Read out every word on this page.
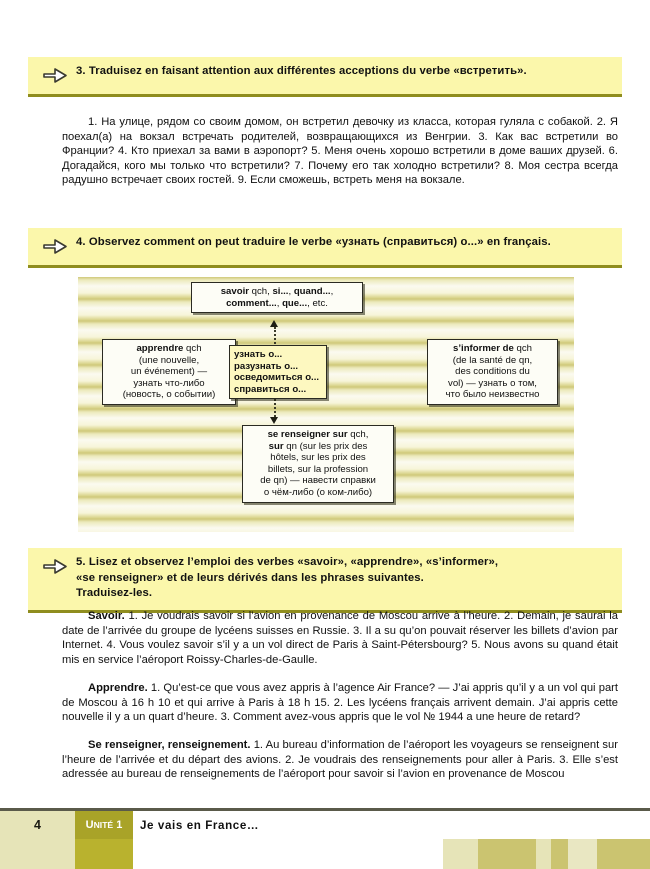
3. Traduisez en faisant attention aux différentes acceptions du verbe «встретить».
1. На улице, рядом со своим домом, он встретил девочку из класса, которая гуляла с собакой. 2. Я поехал(а) на вокзал встречать родителей, возвращающихся из Венгрии. 3. Как вас встретили во Франции? 4. Кто приехал за вами в аэропорт? 5. Меня очень хорошо встретили в доме ваших друзей. 6. Догадайся, кого мы только что встретили? 7. Почему его так холодно встретили? 8. Моя сестра всегда радушно встречает своих гостей. 9. Если сможешь, встреть меня на вокзале.
4. Observez comment on peut traduire le verbe «узнать (справиться) о...» en français.
savoir qch, si..., quand...,
comment..., que..., etc.
apprendre qch
(une nouvelle,
un événement) —
узнать что-либо
(новость, о событии)
узнать о...
разузнать о...
осведомиться о...
справиться о...
s’informer de qch
(de la santé de qn,
des conditions du
vol) — узнать о том,
что было неизвестно
se renseigner sur qch,
sur qn (sur les prix des
hôtels, sur les prix des
billets, sur la profession
de qn) — навести справки
о чём-либо (о ком-либо)
5. Lisez et observez l’emploi des verbes «savoir», «apprendre», «s’informer»,
«se renseigner» et de leurs dérivés dans les phrases suivantes.
Traduisez-les.
Savoir. 1. Je voudrais savoir si l’avion en provenance de Moscou arrive à l’heure. 2. Demain, je saurai la date de l’arrivée du groupe de lycéens suisses en Russie. 3. Il a su qu’on pouvait réserver les billets d’avion par Internet. 4. Vous voulez savoir s’il y a un vol direct de Paris à Saint-Pétersbourg? 5. Nous avons su quand était mis en service l’aéroport Roissy-Charles-de-Gaulle.
Apprendre. 1. Qu’est-ce que vous avez appris à l’agence Air France? — J’ai appris qu’il y a un vol qui part de Moscou à 16 h 10 et qui arrive à Paris à 18 h 15. 2. Les lycéens français arrivent demain. J’ai appris cette nouvelle il y a un quart d’heure. 3. Comment avez-vous appris que le vol № 1944 a une heure de retard?
Se renseigner, renseignement. 1. Au bureau d’information de l’aéroport les voyageurs se renseignent sur l’heure de l’arrivée et du départ des avions. 2. Je voudrais des renseignements pour aller à Paris. 3. Elle s’est adressée au bureau de renseignements de l’aéroport pour savoir si l’avion en provenance de Moscou
4	UNITÉ 1 Je vais en France…
